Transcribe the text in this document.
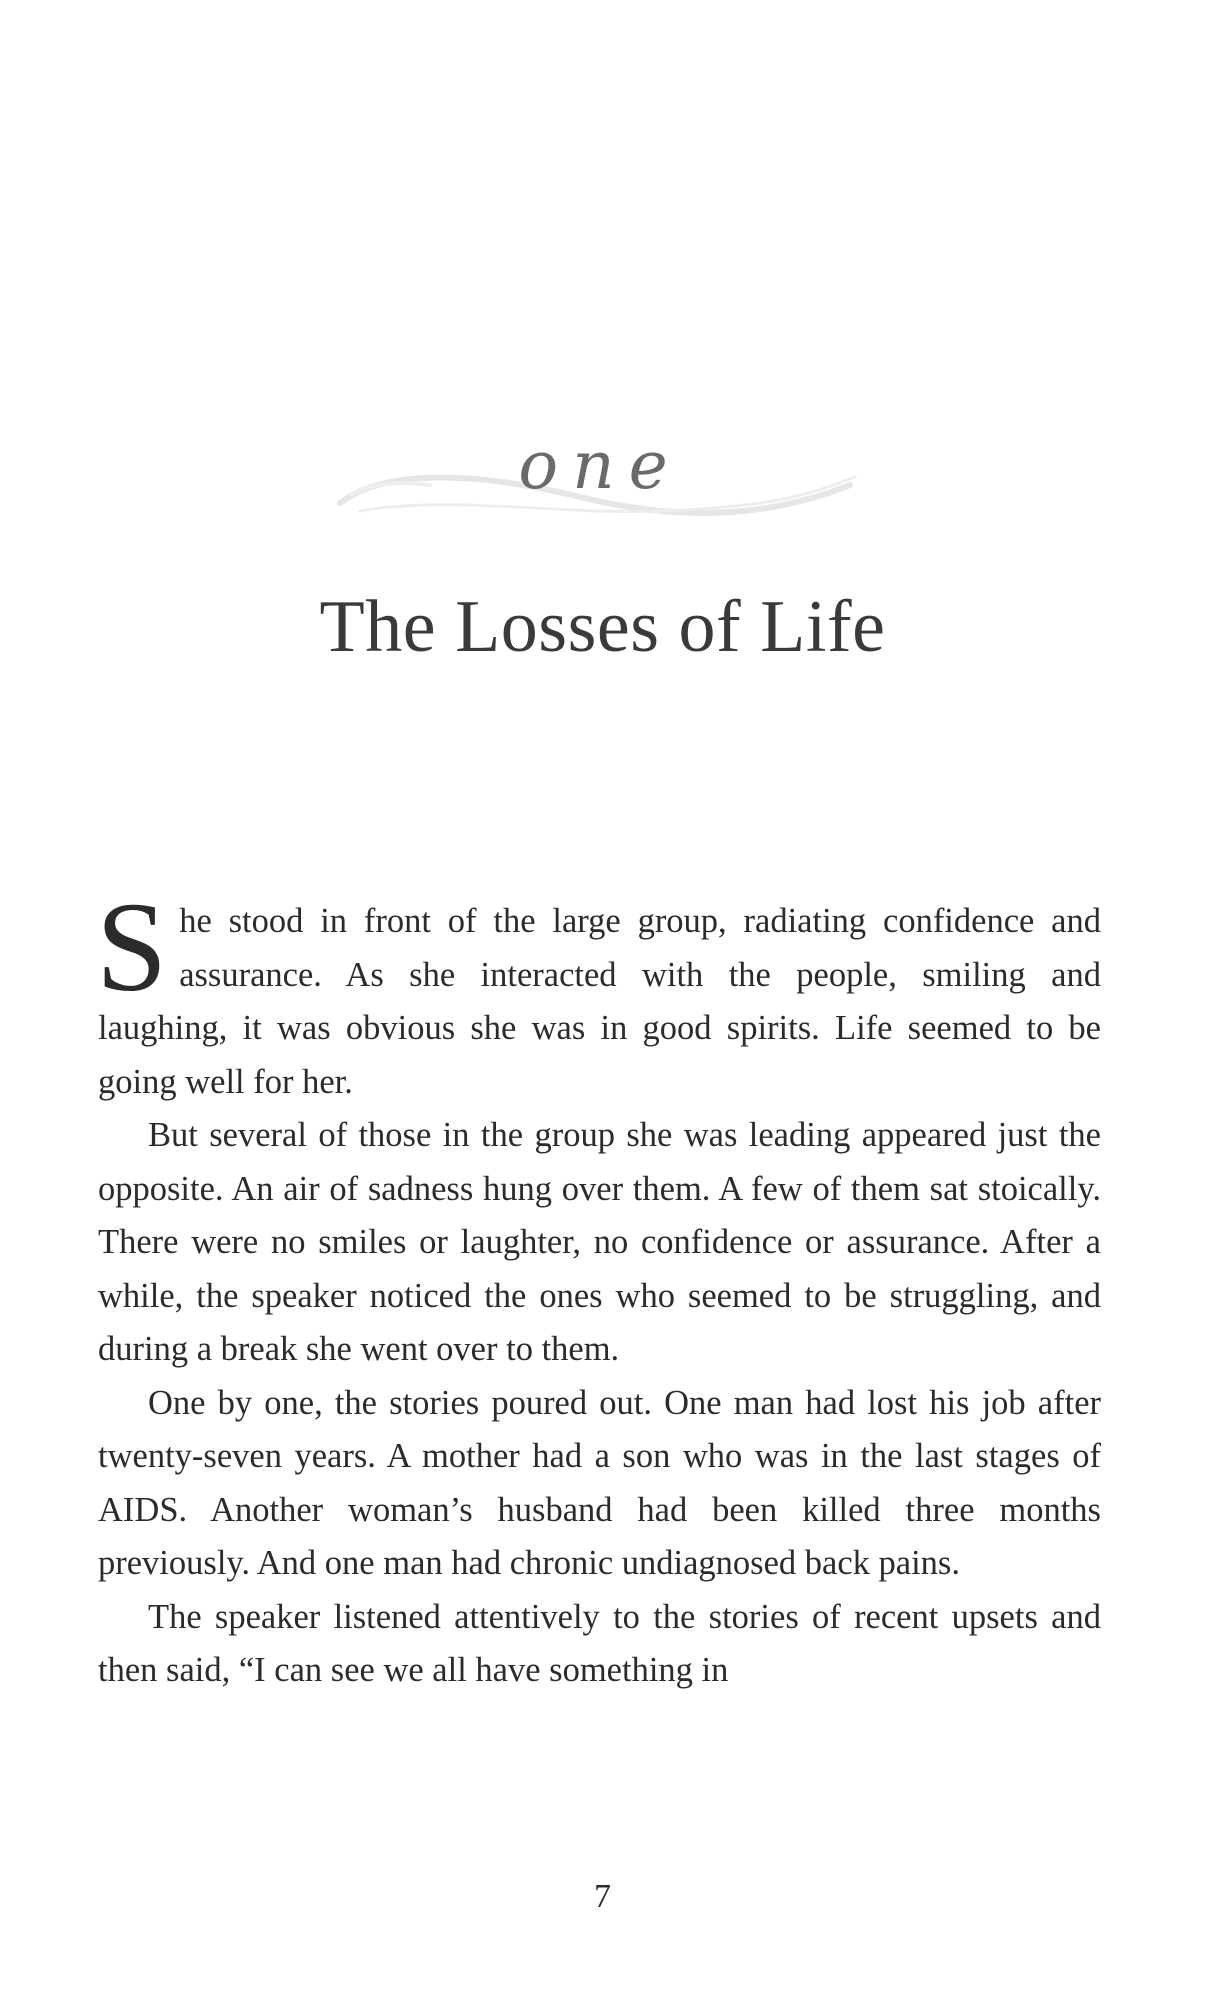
one
The Losses of Life

She stood in front of the large group, radiating confidence and assurance. As she interacted with the people, smiling and laughing, it was obvious she was in good spirits. Life seemed to be going well for her.

But several of those in the group she was leading appeared just the opposite. An air of sadness hung over them. A few of them sat stoically. There were no smiles or laughter, no confidence or assurance. After a while, the speaker noticed the ones who seemed to be struggling, and during a break she went over to them.

One by one, the stories poured out. One man had lost his job after twenty-seven years. A mother had a son who was in the last stages of AIDS. Another woman’s husband had been killed three months previously. And one man had chronic undiagnosed back pains.

The speaker listened attentively to the stories of recent upsets and then said, “I can see we all have something in

7
